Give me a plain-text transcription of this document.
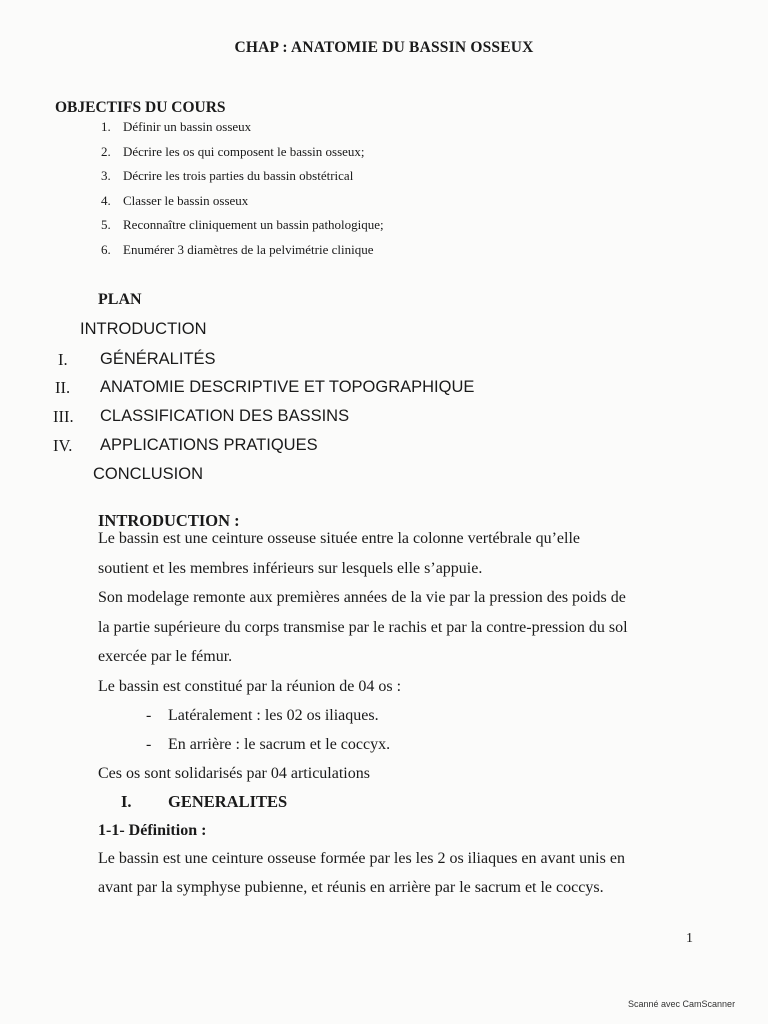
CHAP : ANATOMIE DU BASSIN OSSEUX
OBJECTIFS DU COURS
1. Définir un bassin osseux
2. Décrire les os qui composent le bassin osseux;
3. Décrire les trois parties du bassin obstétrical
4. Classer le bassin osseux
5. Reconnaître cliniquement un bassin pathologique;
6. Enumérer 3 diamètres de la pelvimétrie clinique
PLAN
INTRODUCTION
I. GÉNÉRALITÉS
II. ANATOMIE DESCRIPTIVE ET TOPOGRAPHIQUE
III. CLASSIFICATION DES BASSINS
IV. APPLICATIONS PRATIQUES
CONCLUSION
INTRODUCTION :
Le bassin est une ceinture osseuse située entre la colonne vertébrale qu’elle
soutient et les membres inférieurs sur lesquels elle s’appuie.
Son modelage remonte aux premières années de la vie par la pression des poids de
la partie supérieure du corps transmise par le rachis et par la contre-pression du sol
exercée par le fémur.
Le bassin est constitué par la réunion de 04 os :
- Latéralement : les 02 os iliaques.
- En arrière : le sacrum et le coccyx.
Ces os sont solidarisés par 04 articulations
I. GENERALITES
1-1- Définition :
Le bassin est une ceinture osseuse formée par les les 2 os iliaques en avant unis en
avant par la symphyse pubienne, et réunis en arrière par le sacrum et le coccys.
1
Scanné avec CamScanner
